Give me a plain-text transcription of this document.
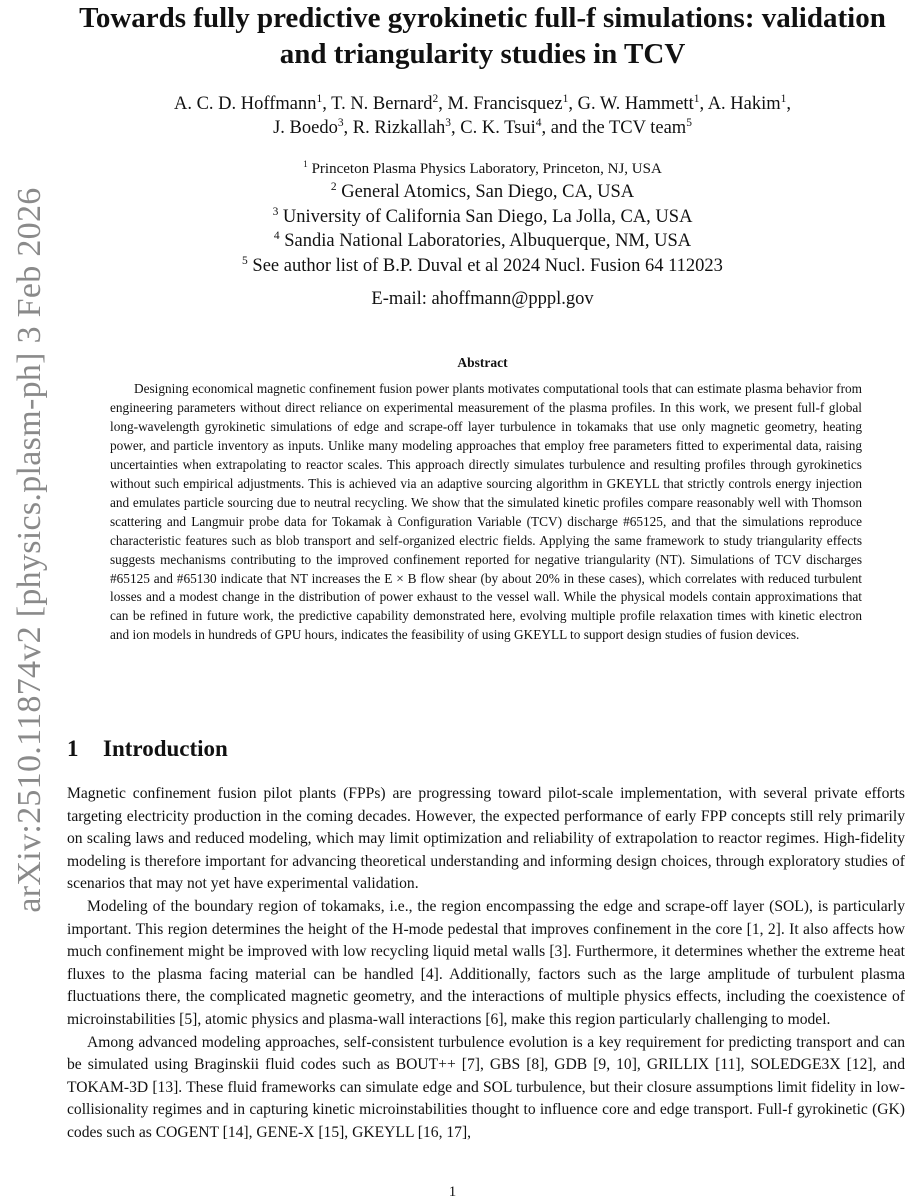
arXiv:2510.11874v2 [physics.plasm-ph] 3 Feb 2026
Towards fully predictive gyrokinetic full-f simulations: validation and triangularity studies in TCV
A. C. D. Hoffmann$^1$, T. N. Bernard$^2$, M. Francisquez$^1$, G. W. Hammett$^1$, A. Hakim$^1$,
J. Boedo$^3$, R. Rizkallah$^3$, C. K. Tsui$^4$, and the TCV team$^5$
$^1$ Princeton Plasma Physics Laboratory, Princeton, NJ, USA
$^2$ General Atomics, San Diego, CA, USA
$^3$ University of California San Diego, La Jolla, CA, USA
$^4$ Sandia National Laboratories, Albuquerque, NM, USA
$^5$ See author list of B.P. Duval et al 2024 Nucl. Fusion 64 112023
E-mail: ahoffmann@pppl.gov
Abstract

Designing economical magnetic confinement fusion power plants motivates computational tools that can estimate plasma behavior from engineering parameters without direct reliance on experimental measurement of the plasma profiles. In this work, we present full-f global long-wavelength gyrokinetic simulations of edge and scrape-off layer turbulence in tokamaks that use only magnetic geometry, heating power, and particle inventory as inputs. Unlike many modeling approaches that employ free parameters fitted to experimental data, raising uncertainties when extrapolating to reactor scales. This approach directly simulates turbulence and resulting profiles through gyrokinetics without such empirical adjustments. This is achieved via an adaptive sourcing algorithm in GKEYLL that strictly controls energy injection and emulates particle sourcing due to neutral recycling. We show that the simulated kinetic profiles compare reasonably well with Thomson scattering and Langmuir probe data for Tokamak à Configuration Variable (TCV) discharge #65125, and that the simulations reproduce characteristic features such as blob transport and self-organized electric fields. Applying the same framework to study triangularity effects suggests mechanisms contributing to the improved confinement reported for negative triangularity (NT). Simulations of TCV discharges #65125 and #65130 indicate that NT increases the E × B flow shear (by about 20% in these cases), which correlates with reduced turbulent losses and a modest change in the distribution of power exhaust to the vessel wall. While the physical models contain approximations that can be refined in future work, the predictive capability demonstrated here, evolving multiple profile relaxation times with kinetic electron and ion models in hundreds of GPU hours, indicates the feasibility of using GKEYLL to support design studies of fusion devices.

1 Introduction

Magnetic confinement fusion pilot plants (FPPs) are progressing toward pilot-scale implementation, with several private efforts targeting electricity production in the coming decades. However, the expected performance of early FPP concepts still rely primarily on scaling laws and reduced modeling, which may limit optimization and reliability of extrapolation to reactor regimes. High-fidelity modeling is therefore important for advancing theoretical understanding and informing design choices, through exploratory studies of scenarios that may not yet have experimental validation.

Modeling of the boundary region of tokamaks, i.e., the region encompassing the edge and scrape-off layer (SOL), is particularly important. This region determines the height of the H-mode pedestal that improves confinement in the core [1, 2]. It also affects how much confinement might be improved with low recycling liquid metal walls [3]. Furthermore, it determines whether the extreme heat fluxes to the plasma facing material can be handled [4]. Additionally, factors such as the large amplitude of turbulent plasma fluctuations there, the complicated magnetic geometry, and the interactions of multiple physics effects, including the coexistence of microinstabilities [5], atomic physics and plasma-wall interactions [6], make this region particularly challenging to model.

Among advanced modeling approaches, self-consistent turbulence evolution is a key requirement for predicting transport and can be simulated using Braginskii fluid codes such as BOUT++ [7], GBS [8], GDB [9, 10], GRILLIX [11], SOLEDGE3X [12], and TOKAM-3D [13]. These fluid frameworks can simulate edge and SOL turbulence, but their closure assumptions limit fidelity in low-collisionality regimes and in capturing kinetic microinstabilities thought to influence core and edge transport. Full-f gyrokinetic (GK) codes such as COGENT [14], GENE-X [15], GKEYLL [16, 17],

1
